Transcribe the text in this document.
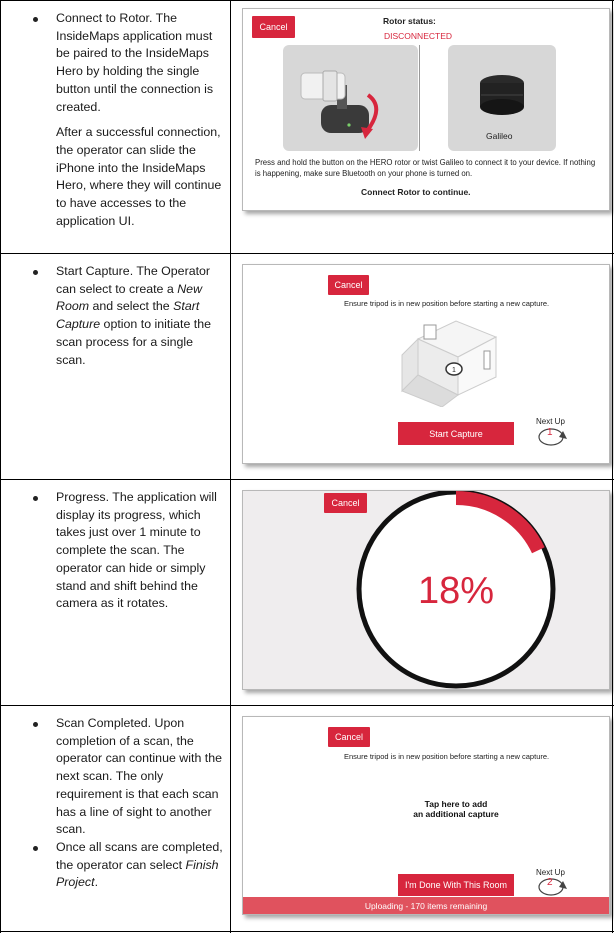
Connect to Rotor. The InsideMaps application must be paired to the InsideMaps Hero by holding the single button until the connection is created.

After a successful connection, the operator can slide the iPhone into the InsideMaps Hero, where they will continue to have accesses to the application UI.

Start Capture. The Operator can select to create a New Room and select the Start Capture option to initiate the scan process for a single scan.

Progress. The application will display its progress, which takes just over 1 minute to complete the scan. The operator can hide or simply stand and shift behind the camera as it rotates.

Scan Completed. Upon completion of a scan, the operator can continue with the next scan. The only requirement is that each scan has a line of sight to another scan.

Once all scans are completed, the operator can select Finish Project.

Cancel
Rotor status:
DISCONNECTED
Galileo
Press and hold the button on the HERO rotor or twist Galileo to connect it to your device. If nothing is happening, make sure Bluetooth on your phone is turned on.
Connect Rotor to continue.
Cancel
Ensure tripod is in new position before starting a new capture.
1
Start Capture
Next Up
1
18%
Cancel
Cancel
Ensure tripod is in new position before starting a new capture.
Tap here to add
an additional capture
I'm Done With This Room
Next Up
2
Uploading - 170 items remaining
